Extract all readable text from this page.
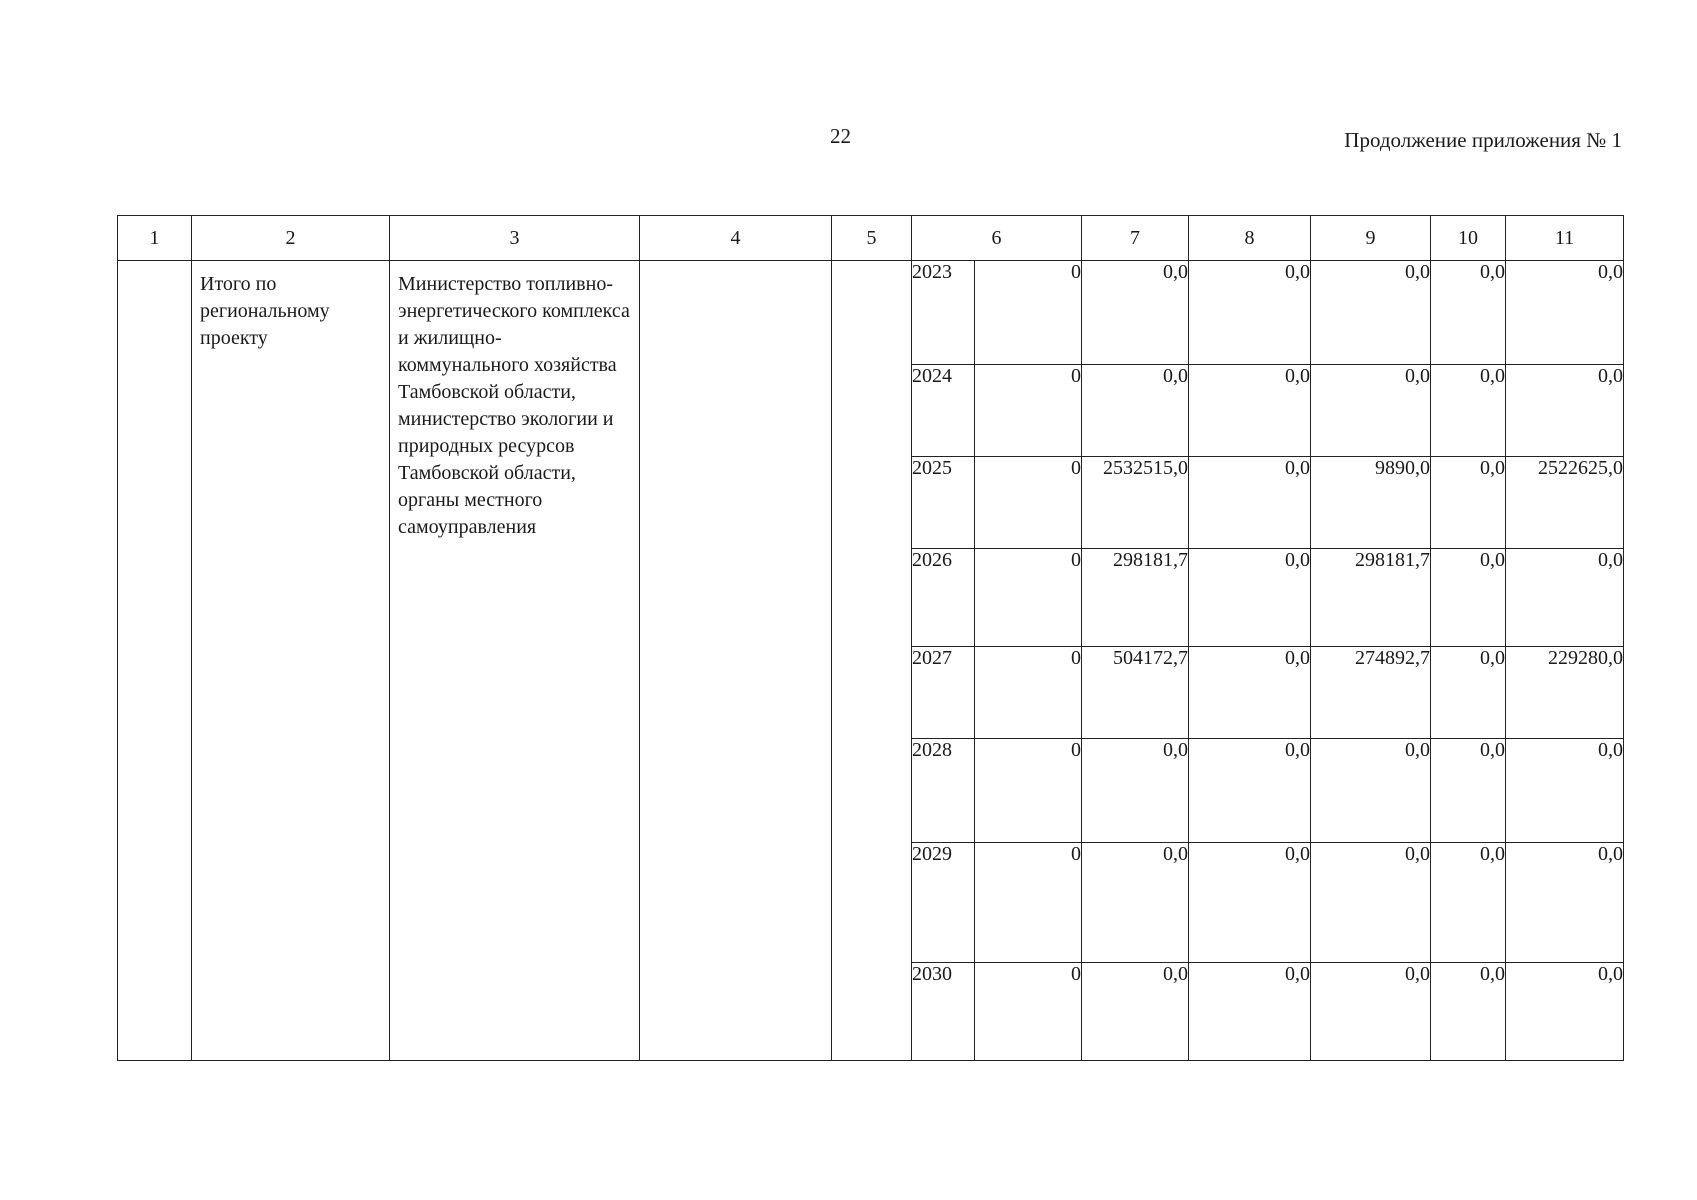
22	Продолжение приложения № 1
1	2	3	4	5	6		7	8	9	10	11

	Итого по региональному проекту	Министерство топливно-энергетического комплекса и жилищно-коммунального хозяйства Тамбовской области, министерство экологии и природных ресурсов Тамбовской области, органы местного самоуправления			2023	0	0,0	0,0	0,0	0,0	0,0
					2024	0	0,0	0,0	0,0	0,0	0,0
					2025	0	2532515,0	0,0	9890,0	0,0	2522625,0
					2026	0	298181,7	0,0	298181,7	0,0	0,0
					2027	0	504172,7	0,0	274892,7	0,0	229280,0
					2028	0	0,0	0,0	0,0	0,0	0,0
					2029	0	0,0	0,0	0,0	0,0	0,0
					2030	0	0,0	0,0	0,0	0,0	0,0
